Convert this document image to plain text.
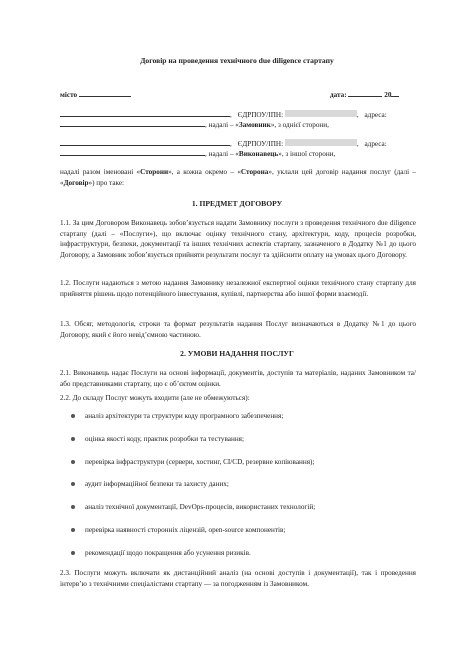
Договір на проведення технічного due diligence стартапу
місто	дата:	20
, ЄДРПОУ/ІПН:	, адреса:
, надалі – «Замовник», з однієї сторони,
, ЄДРПОУ/ІПН:	, адреса:
, надалі – «Виконавець», з іншої сторони,
надалі разом іменовані «Сторони», а кожна окремо – «Сторона», уклали цей договір надання послуг (далі – «Договір») про таке:
1. ПРЕДМЕТ ДОГОВОРУ
1.1. За цим Договором Виконавець зобов’язується надати Замовнику послуги з проведення технічного due diligence стартапу (далі – «Послуги»), що включає оцінку технічного стану, архітектури, коду, процесів розробки, інфраструктури, безпеки, документації та інших технічних аспектів стартапу, зазначеного в Додатку №1 до цього Договору, а Замовник зобов’язується прийняти результати послуг та здійснити оплату на умовах цього Договору.
1.2. Послуги надаються з метою надання Замовнику незалежної експертної оцінки технічного стану стартапу для прийняття рішень щодо потенційного інвестування, купівлі, партнерства або іншої форми взаємодії.
1.3. Обсяг, методологія, строки та формат результатів надання Послуг визначаються в Додатку №1 до цього Договору, який є його невід’ємною частиною.
2. УМОВИ НАДАННЯ ПОСЛУГ
2.1. Виконавець надає Послуги на основі інформації, документів, доступів та матеріалів, наданих Замовником та/або представниками стартапу, що є об’єктом оцінки.
2.2. До складу Послуг можуть входити (але не обмежуються):
аналіз архітектури та структури коду програмного забезпечення;
оцінка якості коду, практик розробки та тестування;
перевірка інфраструктури (сервери, хостинг, CI/CD, резервне копіювання);
аудит інформаційної безпеки та захисту даних;
аналіз технічної документації, DevOps-процесів, використаних технологій;
перевірка наявності сторонніх ліцензій, open-source компонентів;
рекомендації щодо покращення або усунення ризиків.
2.3. Послуги можуть включати як дистанційний аналіз (на основі доступів і документації), так і проведення інтерв’ю з технічними спеціалістами стартапу — за погодженням із Замовником.
